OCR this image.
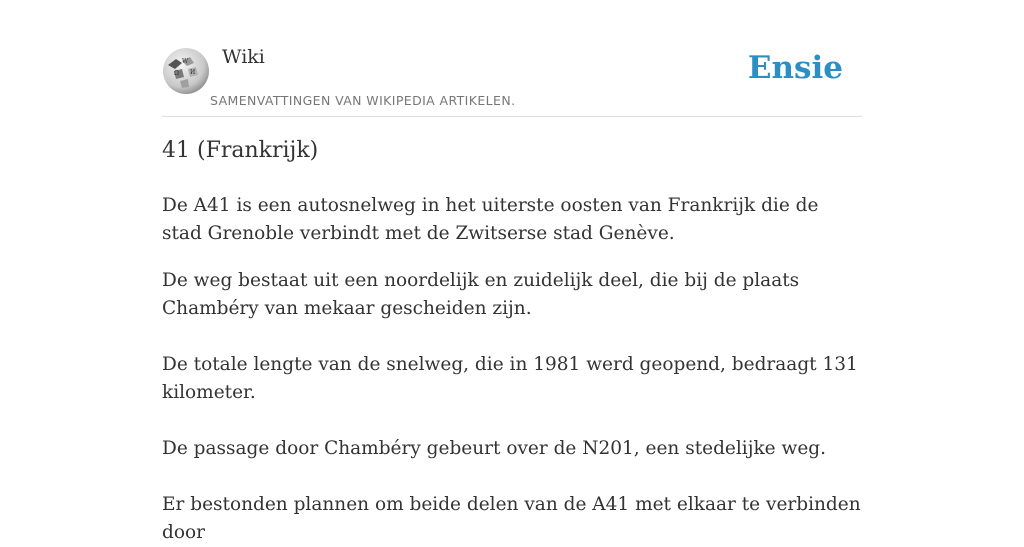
W
Ω И
Wiki
SAMENVATTINGEN VAN WIKIPEDIA ARTIKELEN.
Ensie
41 (Frankrijk)

De A41 is een autosnelweg in het uiterste oosten van Frankrijk die de stad Grenoble verbindt met de Zwitserse stad Genève.

De weg bestaat uit een noordelijk en zuidelijk deel, die bij de plaats Chambéry van mekaar gescheiden zijn.

De totale lengte van de snelweg, die in 1981 werd geopend, bedraagt 131 kilometer.

De passage door Chambéry gebeurt over de N201, een stedelijke weg.

Er bestonden plannen om beide delen van de A41 met elkaar te verbinden door
